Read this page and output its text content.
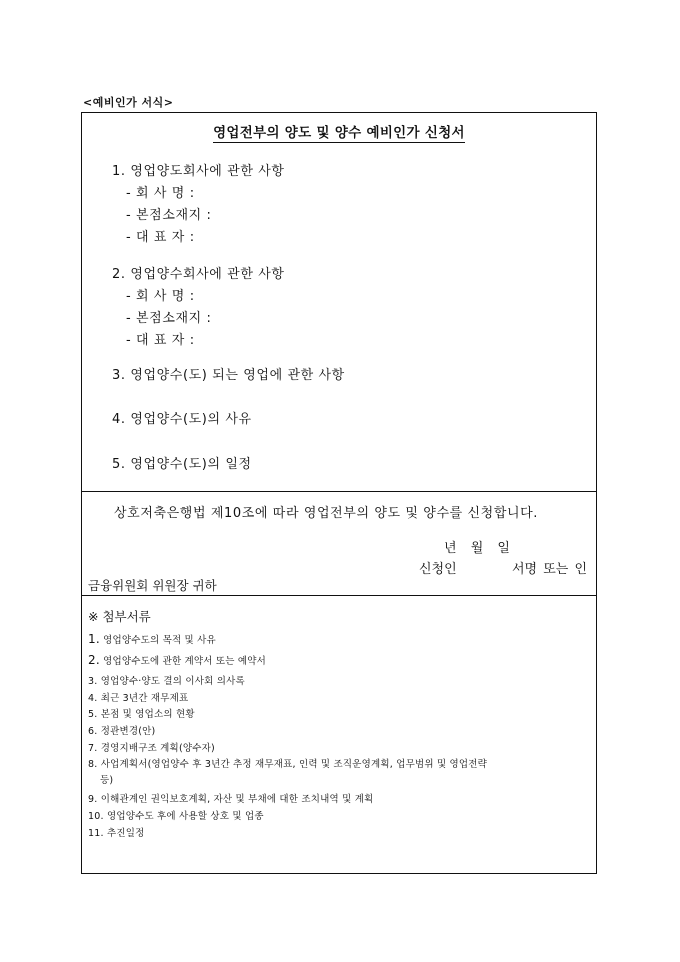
<예비인가 서식>
영업전부의 양도 및 양수 예비인가 신청서
1. 영업양도회사에 관한 사항
- 회 사 명 :
- 본점소재지 :
- 대 표 자 :
2. 영업양수회사에 관한 사항
- 회 사 명 :
- 본점소재지 :
- 대 표 자 :
3. 영업양수(도) 되는 영업에 관한 사항
4. 영업양수(도)의 사유
5. 영업양수(도)의 일정
상호저축은행법 제10조에 따라 영업전부의 양도 및 양수를 신청합니다.
년 월 일
신청인	서명 또는 인
금융위원회 위원장 귀하
※ 첨부서류
1. 영업양수도의 목적 및 사유
2. 영업양수도에 관한 계약서 또는 예약서
3. 영업양수·양도 결의 이사회 의사록
4. 최근 3년간 재무제표
5. 본점 및 영업소의 현황
6. 정관변경(안)
7. 경영지배구조 계획(양수자)
8. 사업계획서(영업양수 후 3년간 추정 재무재표, 인력 및 조직운영계획, 업무범위 및 영업전략
등)
9. 이해관계인 권익보호계획, 자산 및 부채에 대한 조치내역 및 계획
10. 영업양수도 후에 사용할 상호 및 업종
11. 추진일정
